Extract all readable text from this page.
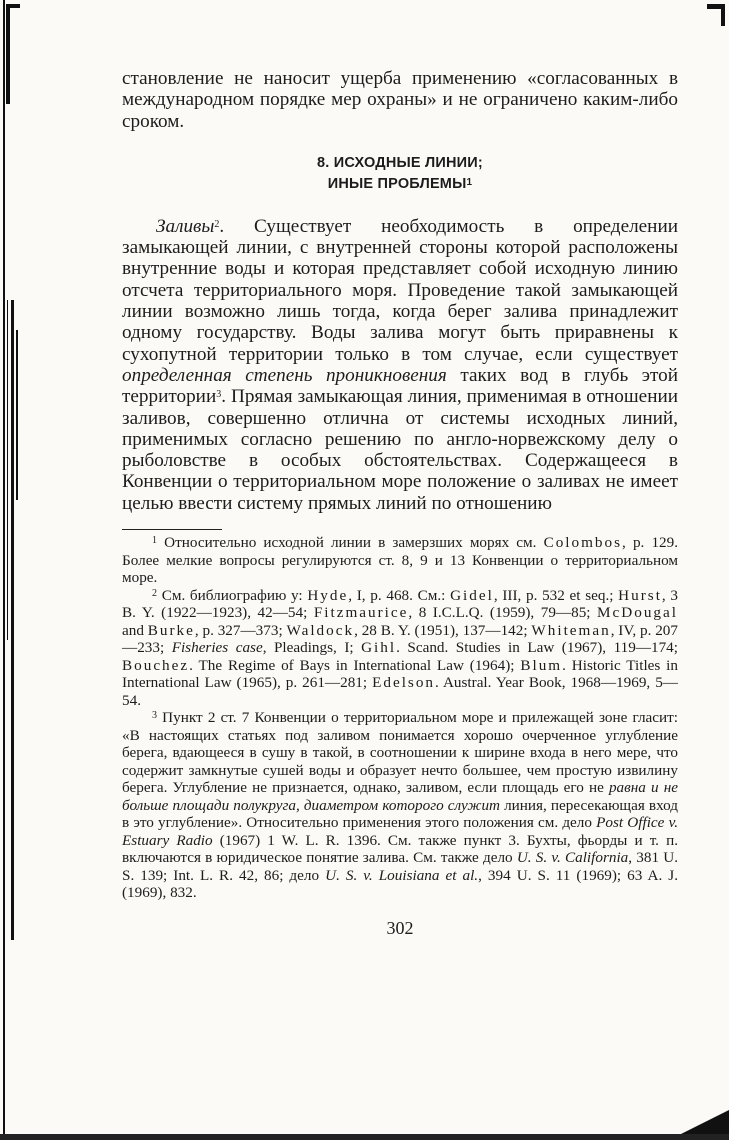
становление не наносит ущерба применению «согласованных в международном порядке мер охраны» и не ограничено каким-либо сроком.

8. ИСХОДНЫЕ ЛИНИИ;
ИНЫЕ ПРОБЛЕМЫ$^1$

Заливы$^2$. Существует необходимость в определении замыкающей линии, с внутренней стороны которой расположены внутренние воды и которая представляет собой исходную линию отсчета территориального моря. Проведение такой замыкающей линии возможно лишь тогда, когда берег залива принадлежит одному государству. Воды залива могут быть приравнены к сухопутной территории только в том случае, если существует определенная степень проникновения таких вод в глубь этой территории$^3$. Прямая замыкающая линия, применимая в отношении заливов, совершенно отлична от системы исходных линий, применимых согласно решению по англо-норвежскому делу о рыболовстве в особых обстоятельствах. Содержащееся в Конвенции о территориальном море положение о заливах не имеет целью ввести систему прямых линий по отношению

$^1$ Относительно исходной линии в замерзших морях см. Colombos, p. 129. Более мелкие вопросы регулируются ст. 8, 9 и 13 Конвенции о территориальном море.

$^2$ См. библиографию у: Hyde, I, p. 468. См.: Gidel, III, p. 532 et seq.; Hurst, 3 B. Y. (1922—1923), 42—54; Fitzmaurice, 8 I.C.L.Q. (1959), 79—85; McDougal and Burke, p. 327—373; Waldock, 28 B. Y. (1951), 137—142; Whiteman, IV, p. 207—233; Fisheries case, Pleadings, I; Gihl. Scand. Studies in Law (1967), 119—174; Bouchez. The Regime of Bays in International Law (1964); Blum. Historic Titles in International Law (1965), p. 261—281; Edelson. Austral. Year Book, 1968—1969, 5—54.

$^3$ Пункт 2 ст. 7 Конвенции о территориальном море и прилежащей зоне гласит: «В настоящих статьях под заливом понимается хорошо очерченное углубление берега, вдающееся в сушу в такой, в соотношении к ширине входа в него мере, что содержит замкнутые сушей воды и образует нечто большее, чем простую извилину берега. Углубление не признается, однако, заливом, если площадь его не равна и не больше площади полукруга, диаметром которого служит линия, пересекающая вход в это углубление». Относительно применения этого положения см. дело Post Office v. Estuary Radio (1967) 1 W. L. R. 1396. См. также пункт 3. Бухты, фьорды и т. п. включаются в юридическое понятие залива. См. также дело U. S. v. California, 381 U. S. 139; Int. L. R. 42, 86; дело U. S. v. Louisiana et al., 394 U. S. 11 (1969); 63 A. J. (1969), 832.

302
